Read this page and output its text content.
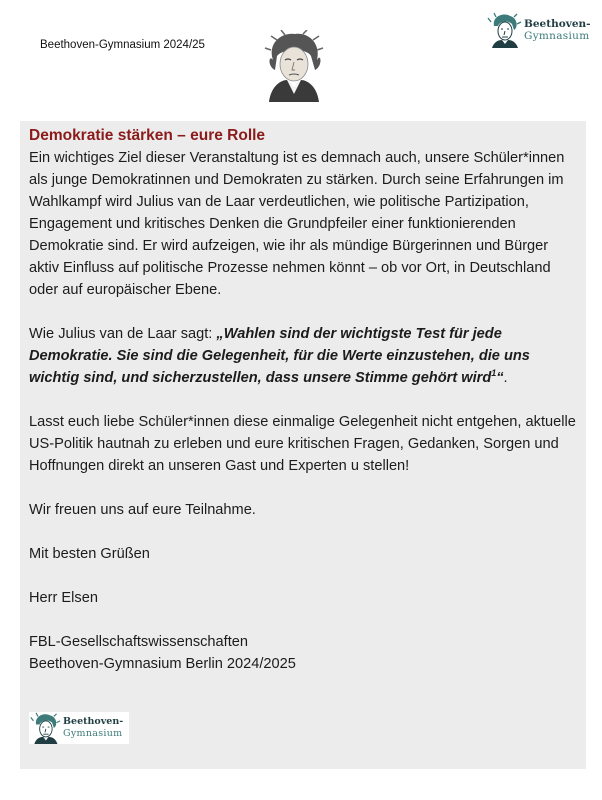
Beethoven-Gymnasium 2024/25
Beethoven-
Gymnasium
Demokratie stärken – eure Rolle

Ein wichtiges Ziel dieser Veranstaltung ist es demnach auch, unsere Schüler*innen als junge Demokratinnen und Demokraten zu stärken. Durch seine Erfahrungen im Wahlkampf wird Julius van de Laar verdeutlichen, wie politische Partizipation, Engagement und kritisches Denken die Grundpfeiler einer funktionierenden Demokratie sind. Er wird aufzeigen, wie ihr als mündige Bürgerinnen und Bürger aktiv Einfluss auf politische Prozesse nehmen könnt – ob vor Ort, in Deutschland oder auf europäischer Ebene.

Wie Julius van de Laar sagt: „Wahlen sind der wichtigste Test für jede Demokratie. Sie sind die Gelegenheit, für die Werte einzustehen, die uns wichtig sind, und sicherzustellen, dass unsere Stimme gehört wird$^1$“.

Lasst euch liebe Schüler*innen diese einmalige Gelegenheit nicht entgehen, aktuelle US-Politik hautnah zu erleben und eure kritischen Fragen, Gedanken, Sorgen und Hoffnungen direkt an unseren Gast und Experten u stellen!

Wir freuen uns auf eure Teilnahme.

Mit besten Grüßen

Herr Elsen

FBL-Gesellschaftswissenschaften

Beethoven-Gymnasium Berlin 2024/2025

Beethoven-
Gymnasium
